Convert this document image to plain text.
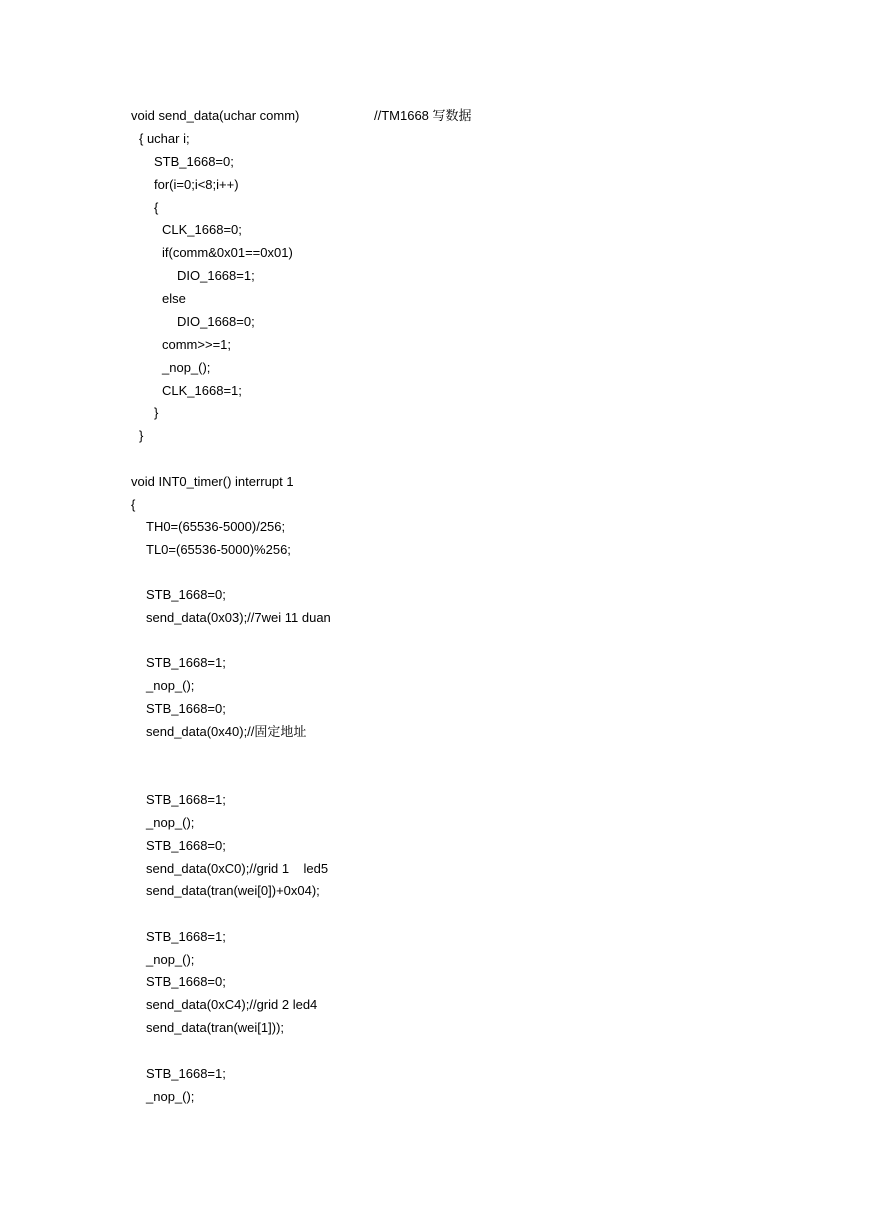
void send_data(uchar comm)	//TM1668 写数据
{ uchar i;
STB_1668=0;
for(i=0;i<8;i++)
{
CLK_1668=0;
if(comm&0x01==0x01)
DIO_1668=1;
else
DIO_1668=0;
comm>>=1;
_nop_();
CLK_1668=1;
}
}
void INT0_timer() interrupt 1
{
TH0=(65536-5000)/256;
TL0=(65536-5000)%256;
STB_1668=0;
send_data(0x03);//7wei 11 duan
STB_1668=1;
_nop_();
STB_1668=0;
send_data(0x40);//固定地址
STB_1668=1;
_nop_();
STB_1668=0;
send_data(0xC0);//grid 1    led5
send_data(tran(wei[0])+0x04);
STB_1668=1;
_nop_();
STB_1668=0;
send_data(0xC4);//grid 2 led4
send_data(tran(wei[1]));
STB_1668=1;
_nop_();
